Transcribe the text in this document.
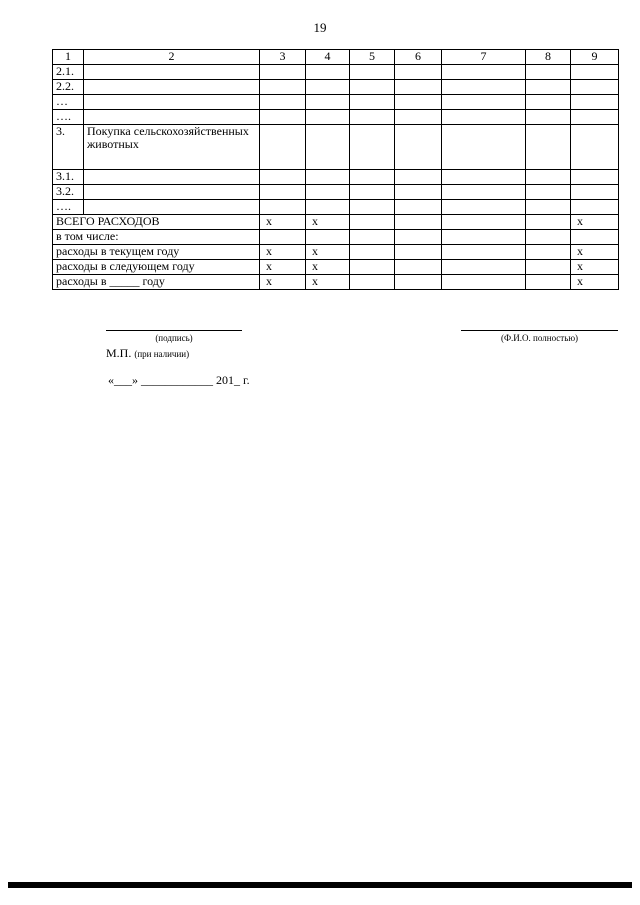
19
1	2	3	4	5	6	7	8	9
2.1.								
2.2.								
…								
….								
3.	Покупка сельскохозяйственных животных							
3.1.								
3.2.								
….								
ВСЕГО РАСХОДОВ		х	х					х
в том числе:								
расходы в текущем году		х	х					х
расходы в следующем году		х	х					х
расходы в _____ году		х	х					х
(подпись)	(Ф.И.О. полностью)
М.П. (при наличии)
«___» ____________ 201_ г.
